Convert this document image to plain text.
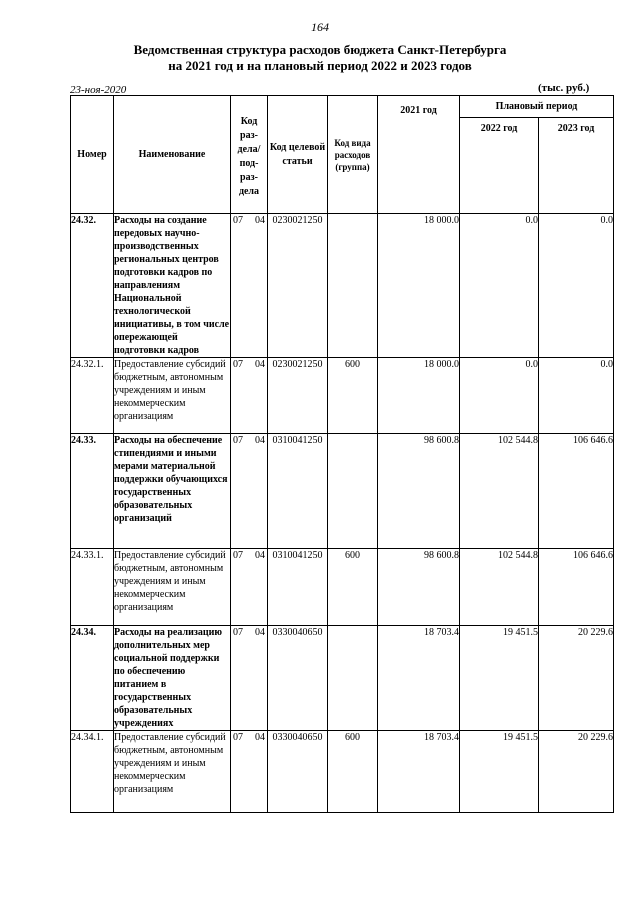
164
Ведомственная структура расходов бюджета Санкт-Петербурга
на 2021 год и на плановый период 2022 и 2023 годов
23-ноя-2020	(тыс. руб.)
Номер	Наименование	Код раз- дела/ под- раз- дела	Код целевой статьи	Код вида расходов (группа)	2021 год	Плановый период	
						2022 год	2023 год
24.32.	Расходы на создание передовых научно-производственных региональных центров подготовки кадров по направлениям Национальной технологической инициативы, в том числе опережающей подготовки кадров	07 04	0230021250		18 000.0	0.0	0.0
24.32.1.	Предоставление субсидий бюджетным, автономным учреждениям и иным некоммерческим организациям	07 04	0230021250	600	18 000.0	0.0	0.0
24.33.	Расходы на обеспечение стипендиями и иными мерами материальной поддержки обучающихся государственных образовательных организаций	07 04	0310041250		98 600.8	102 544.8	106 646.6
24.33.1.	Предоставление субсидий бюджетным, автономным учреждениям и иным некоммерческим организациям	07 04	0310041250	600	98 600.8	102 544.8	106 646.6
24.34.	Расходы на реализацию дополнительных мер социальной поддержки по обеспечению питанием в государственных образовательных учреждениях	07 04	0330040650		18 703.4	19 451.5	20 229.6
24.34.1.	Предоставление субсидий бюджетным, автономным учреждениям и иным некоммерческим организациям	07 04	0330040650	600	18 703.4	19 451.5	20 229.6
